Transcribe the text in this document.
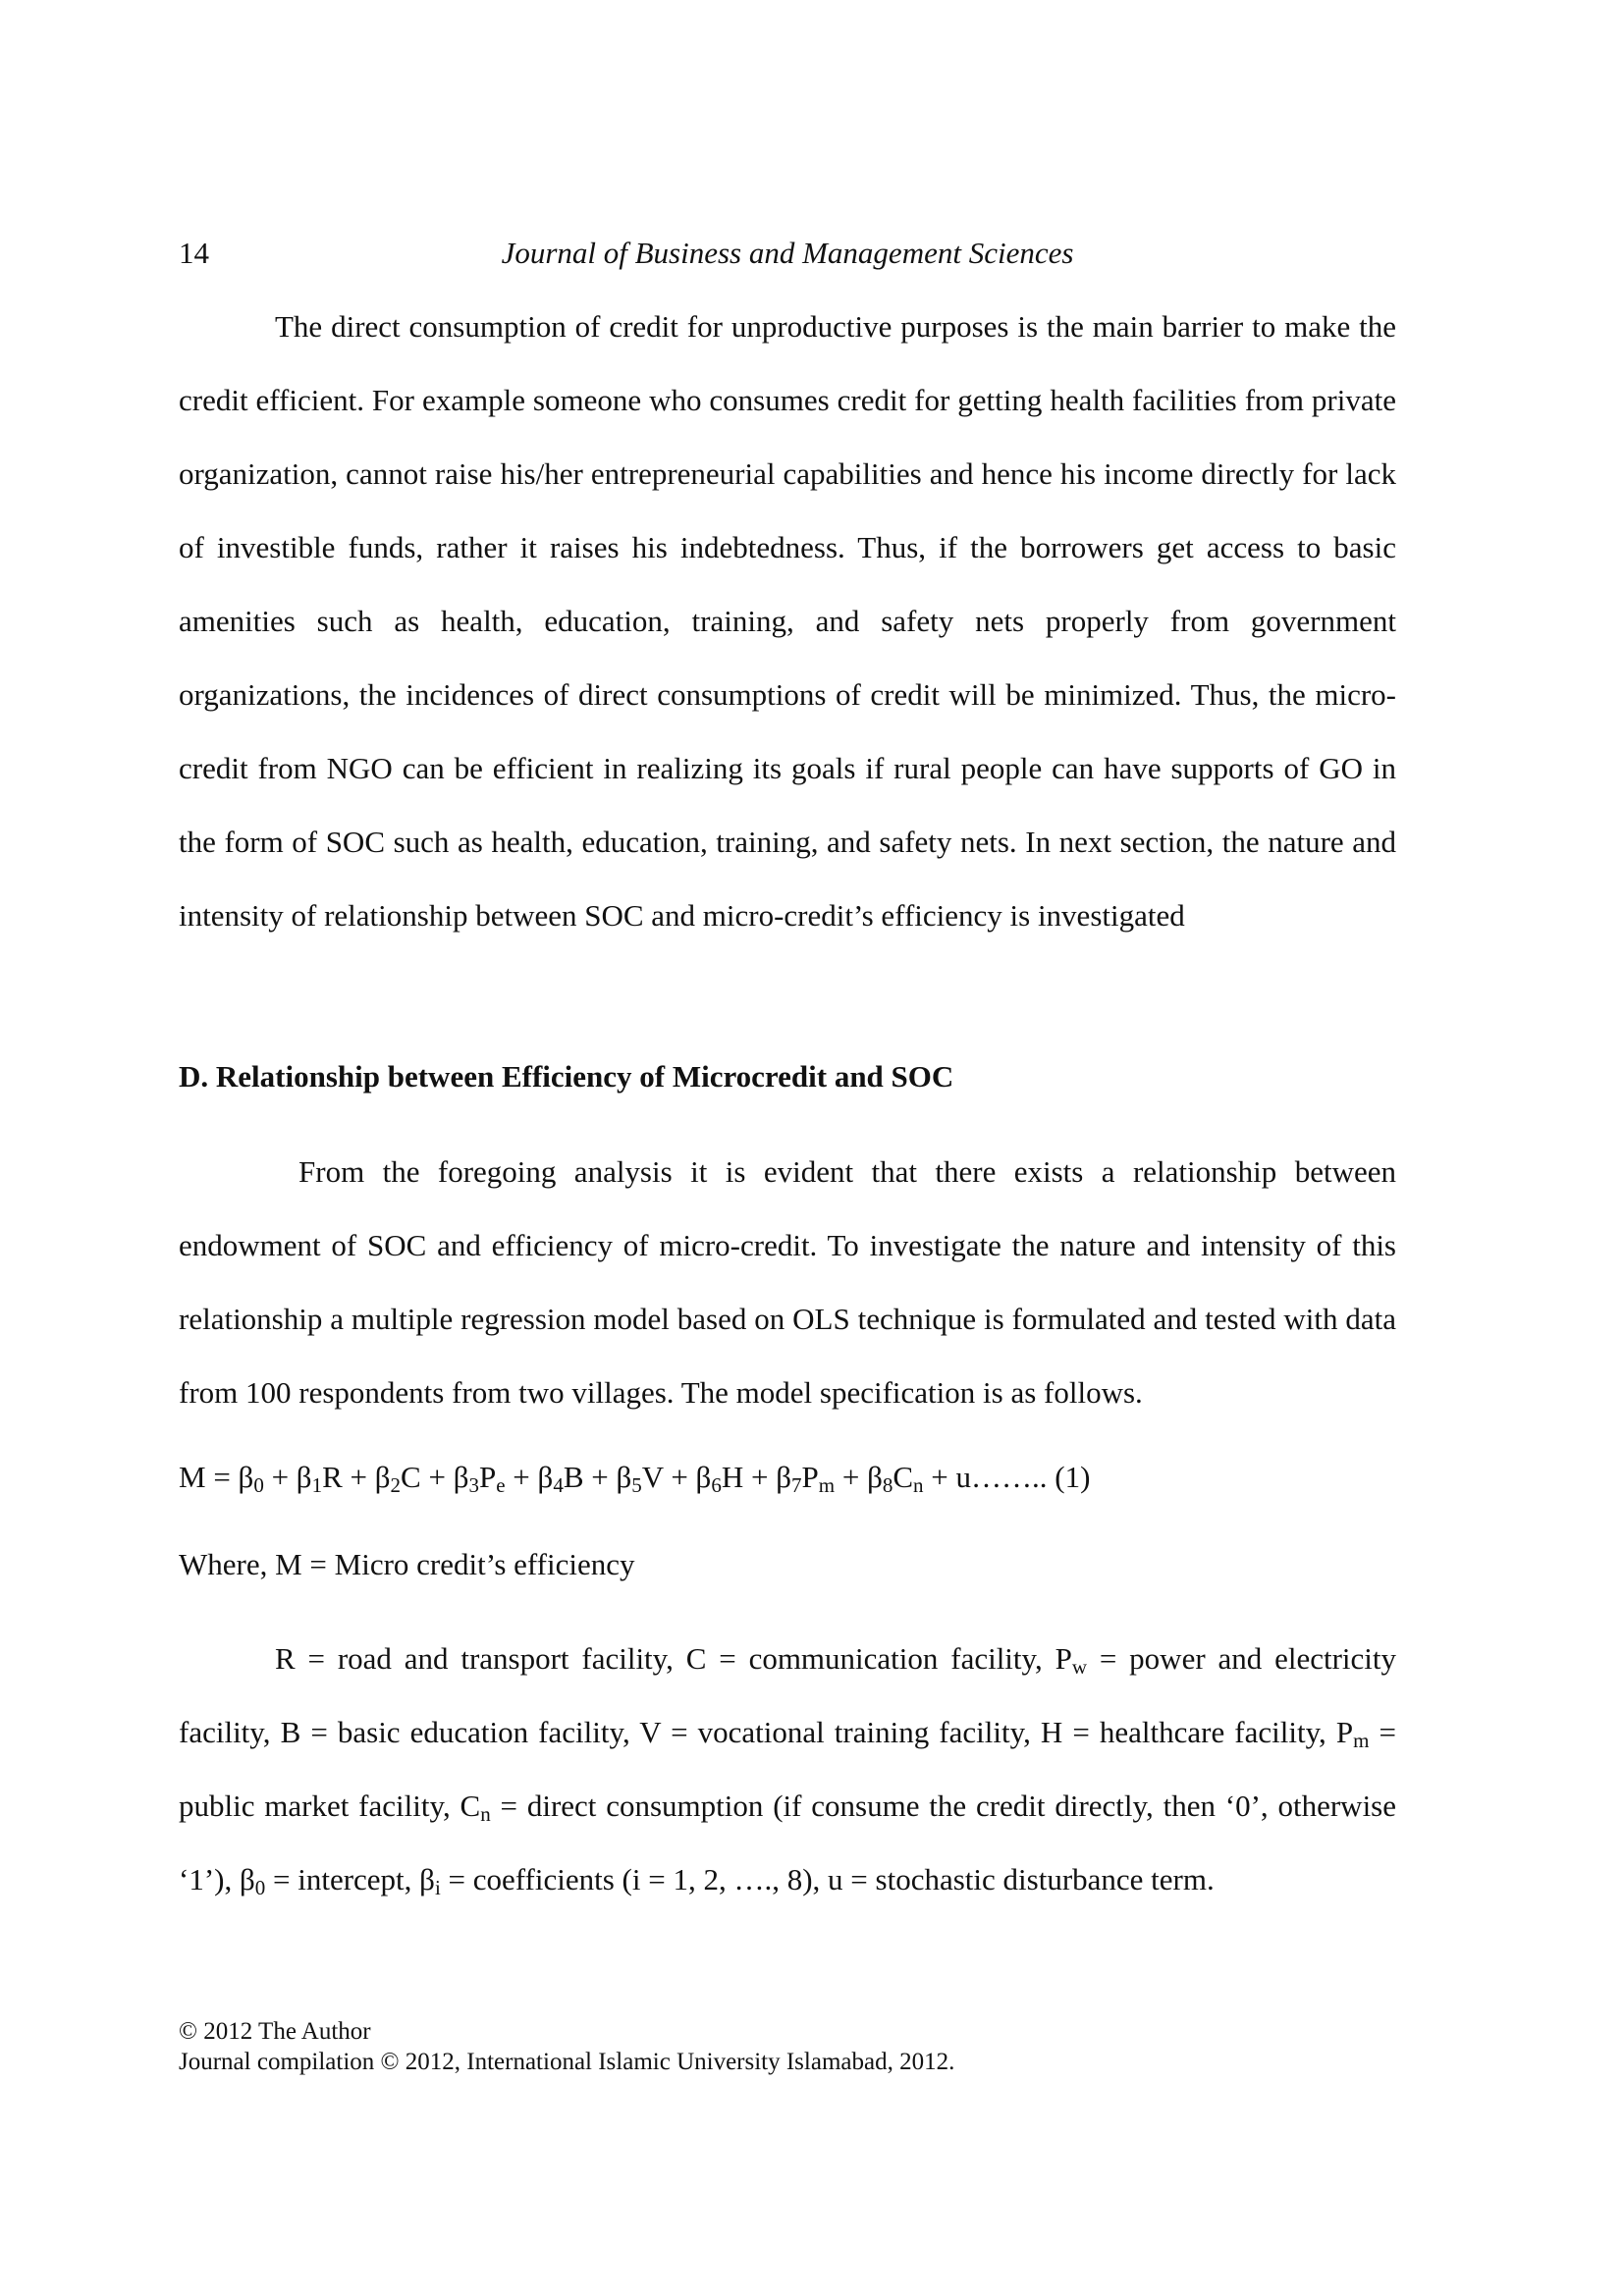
14	Journal of Business and Management Sciences

The direct consumption of credit for unproductive purposes is the main barrier to make the credit efficient. For example someone who consumes credit for getting health facilities from private organization, cannot raise his/her entrepreneurial capabilities and hence his income directly for lack of investible funds, rather it raises his indebtedness. Thus, if the borrowers get access to basic amenities such as health, education, training, and safety nets properly from government organizations, the incidences of direct consumptions of credit will be minimized. Thus, the micro-credit from NGO can be efficient in realizing its goals if rural people can have supports of GO in the form of SOC such as health, education, training, and safety nets. In next section, the nature and intensity of relationship between SOC and micro-credit’s efficiency is investigated

D. Relationship between Efficiency of Microcredit and SOC

From the foregoing analysis it is evident that there exists a relationship between endowment of SOC and efficiency of micro-credit. To investigate the nature and intensity of this relationship a multiple regression model based on OLS technique is formulated and tested with data from 100 respondents from two villages. The model specification is as follows.

$M = \beta_0 + \beta_1R + \beta_2C + \beta_3P_e + \beta_4B + \beta_5V + \beta_6H + \beta_7P_m + \beta_8C_n$ + u…….. (1)
Where, M = Micro credit’s efficiency

R = road and transport facility, C = communication facility, $P_w$ = power and electricity facility, B = basic education facility, V = vocational training facility, H = healthcare facility, $P_m$ = public market facility, $C_n$ = direct consumption (if consume the credit directly, then ‘0’, otherwise ‘1’), $\beta_0$ = intercept, $\beta_i$ = coefficients (i = 1, 2, …., 8), u = stochastic disturbance term.

© 2012 The Author
Journal compilation © 2012, International Islamic University Islamabad, 2012.
